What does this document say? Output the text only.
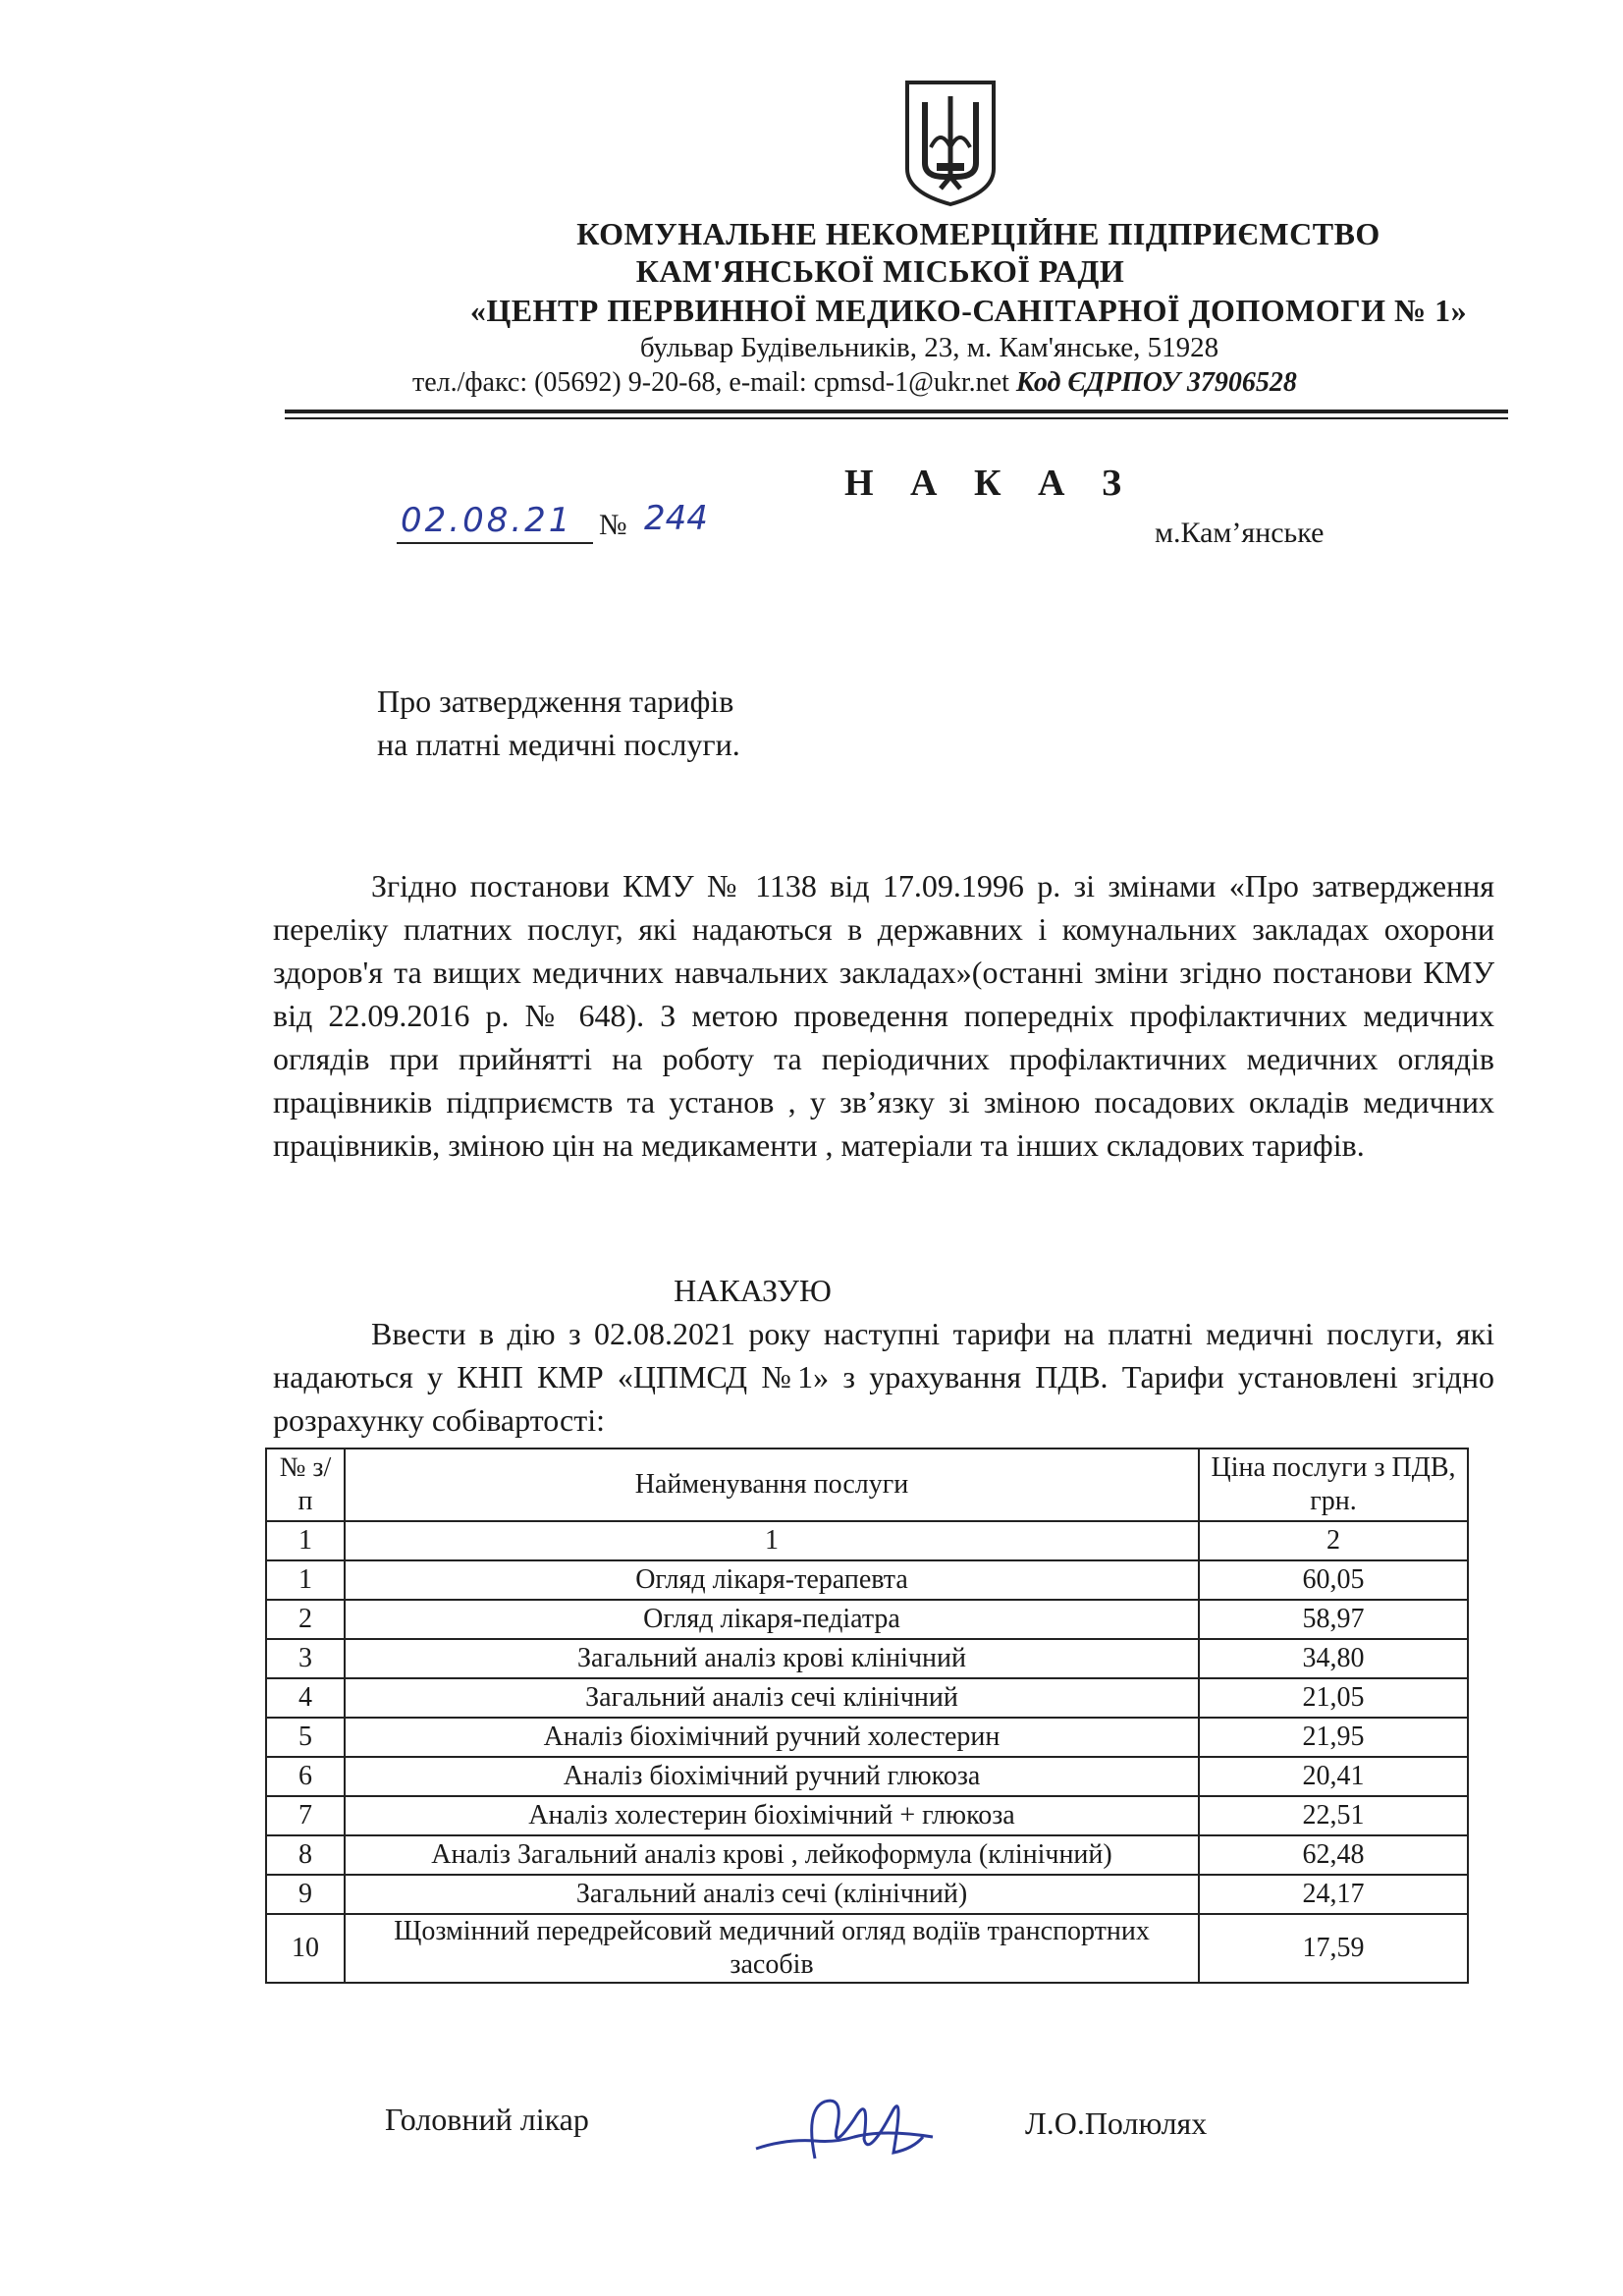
КОМУНАЛЬНЕ НЕКОМЕРЦІЙНЕ ПІДПРИЄМСТВО
КАМ'ЯНСЬКОЇ МІСЬКОЇ РАДИ
«ЦЕНТР ПЕРВИННОЇ МЕДИКО-САНІТАРНОЇ ДОПОМОГИ № 1»
бульвар Будівельників, 23, м. Кам'янське, 51928
тел./факс: (05692) 9-20-68, e-mail: cpmsd-1@ukr.net Код ЄДРПОУ 37906528
Н А К А З
02.08.21 № 244	м.Кам’янське
Про затвердження тарифів
на платні медичні послуги.
Згідно постанови КМУ № 1138 від 17.09.1996 р. зі змінами «Про затвердження переліку платних послуг, які надаються в державних і комунальних закладах охорони здоров'я та вищих медичних навчальних закладах»(останні зміни згідно постанови КМУ від 22.09.2016 р. № 648). З метою проведення попередніх профілактичних медичних оглядів при прийнятті на роботу та періодичних профілактичних медичних оглядів працівників підприємств та установ , у зв’язку зі зміною посадових окладів медичних працівників, зміною цін на медикаменти , матеріали та інших складових тарифів.
НАКАЗУЮ
Ввести в дію з 02.08.2021 року наступні тарифи на платні медичні послуги, які надаються у КНП КМР «ЦПМСД №1» з урахування ПДВ. Тарифи установлені згідно розрахунку собівартості:
№ з/п	Найменування послуги	Ціна послуги з ПДВ, грн.
1	1	2
1	Огляд лікаря-терапевта	60,05
2	Огляд лікаря-педіатра	58,97
3	Загальний аналіз крові клінічний	34,80
4	Загальний аналіз сечі клінічний	21,05
5	Аналіз біохімічний ручний холестерин	21,95
6	Аналіз біохімічний ручний глюкоза	20,41
7	Аналіз холестерин біохімічний + глюкоза	22,51
8	Аналіз Загальний аналіз крові , лейкоформула (клінічний)	62,48
9	Загальний аналіз сечі (клінічний)	24,17
10	Щозмінний передрейсовий медичний огляд водіїв транспортних засобів	17,59
Головний лікар	Л.О.Полюлях
